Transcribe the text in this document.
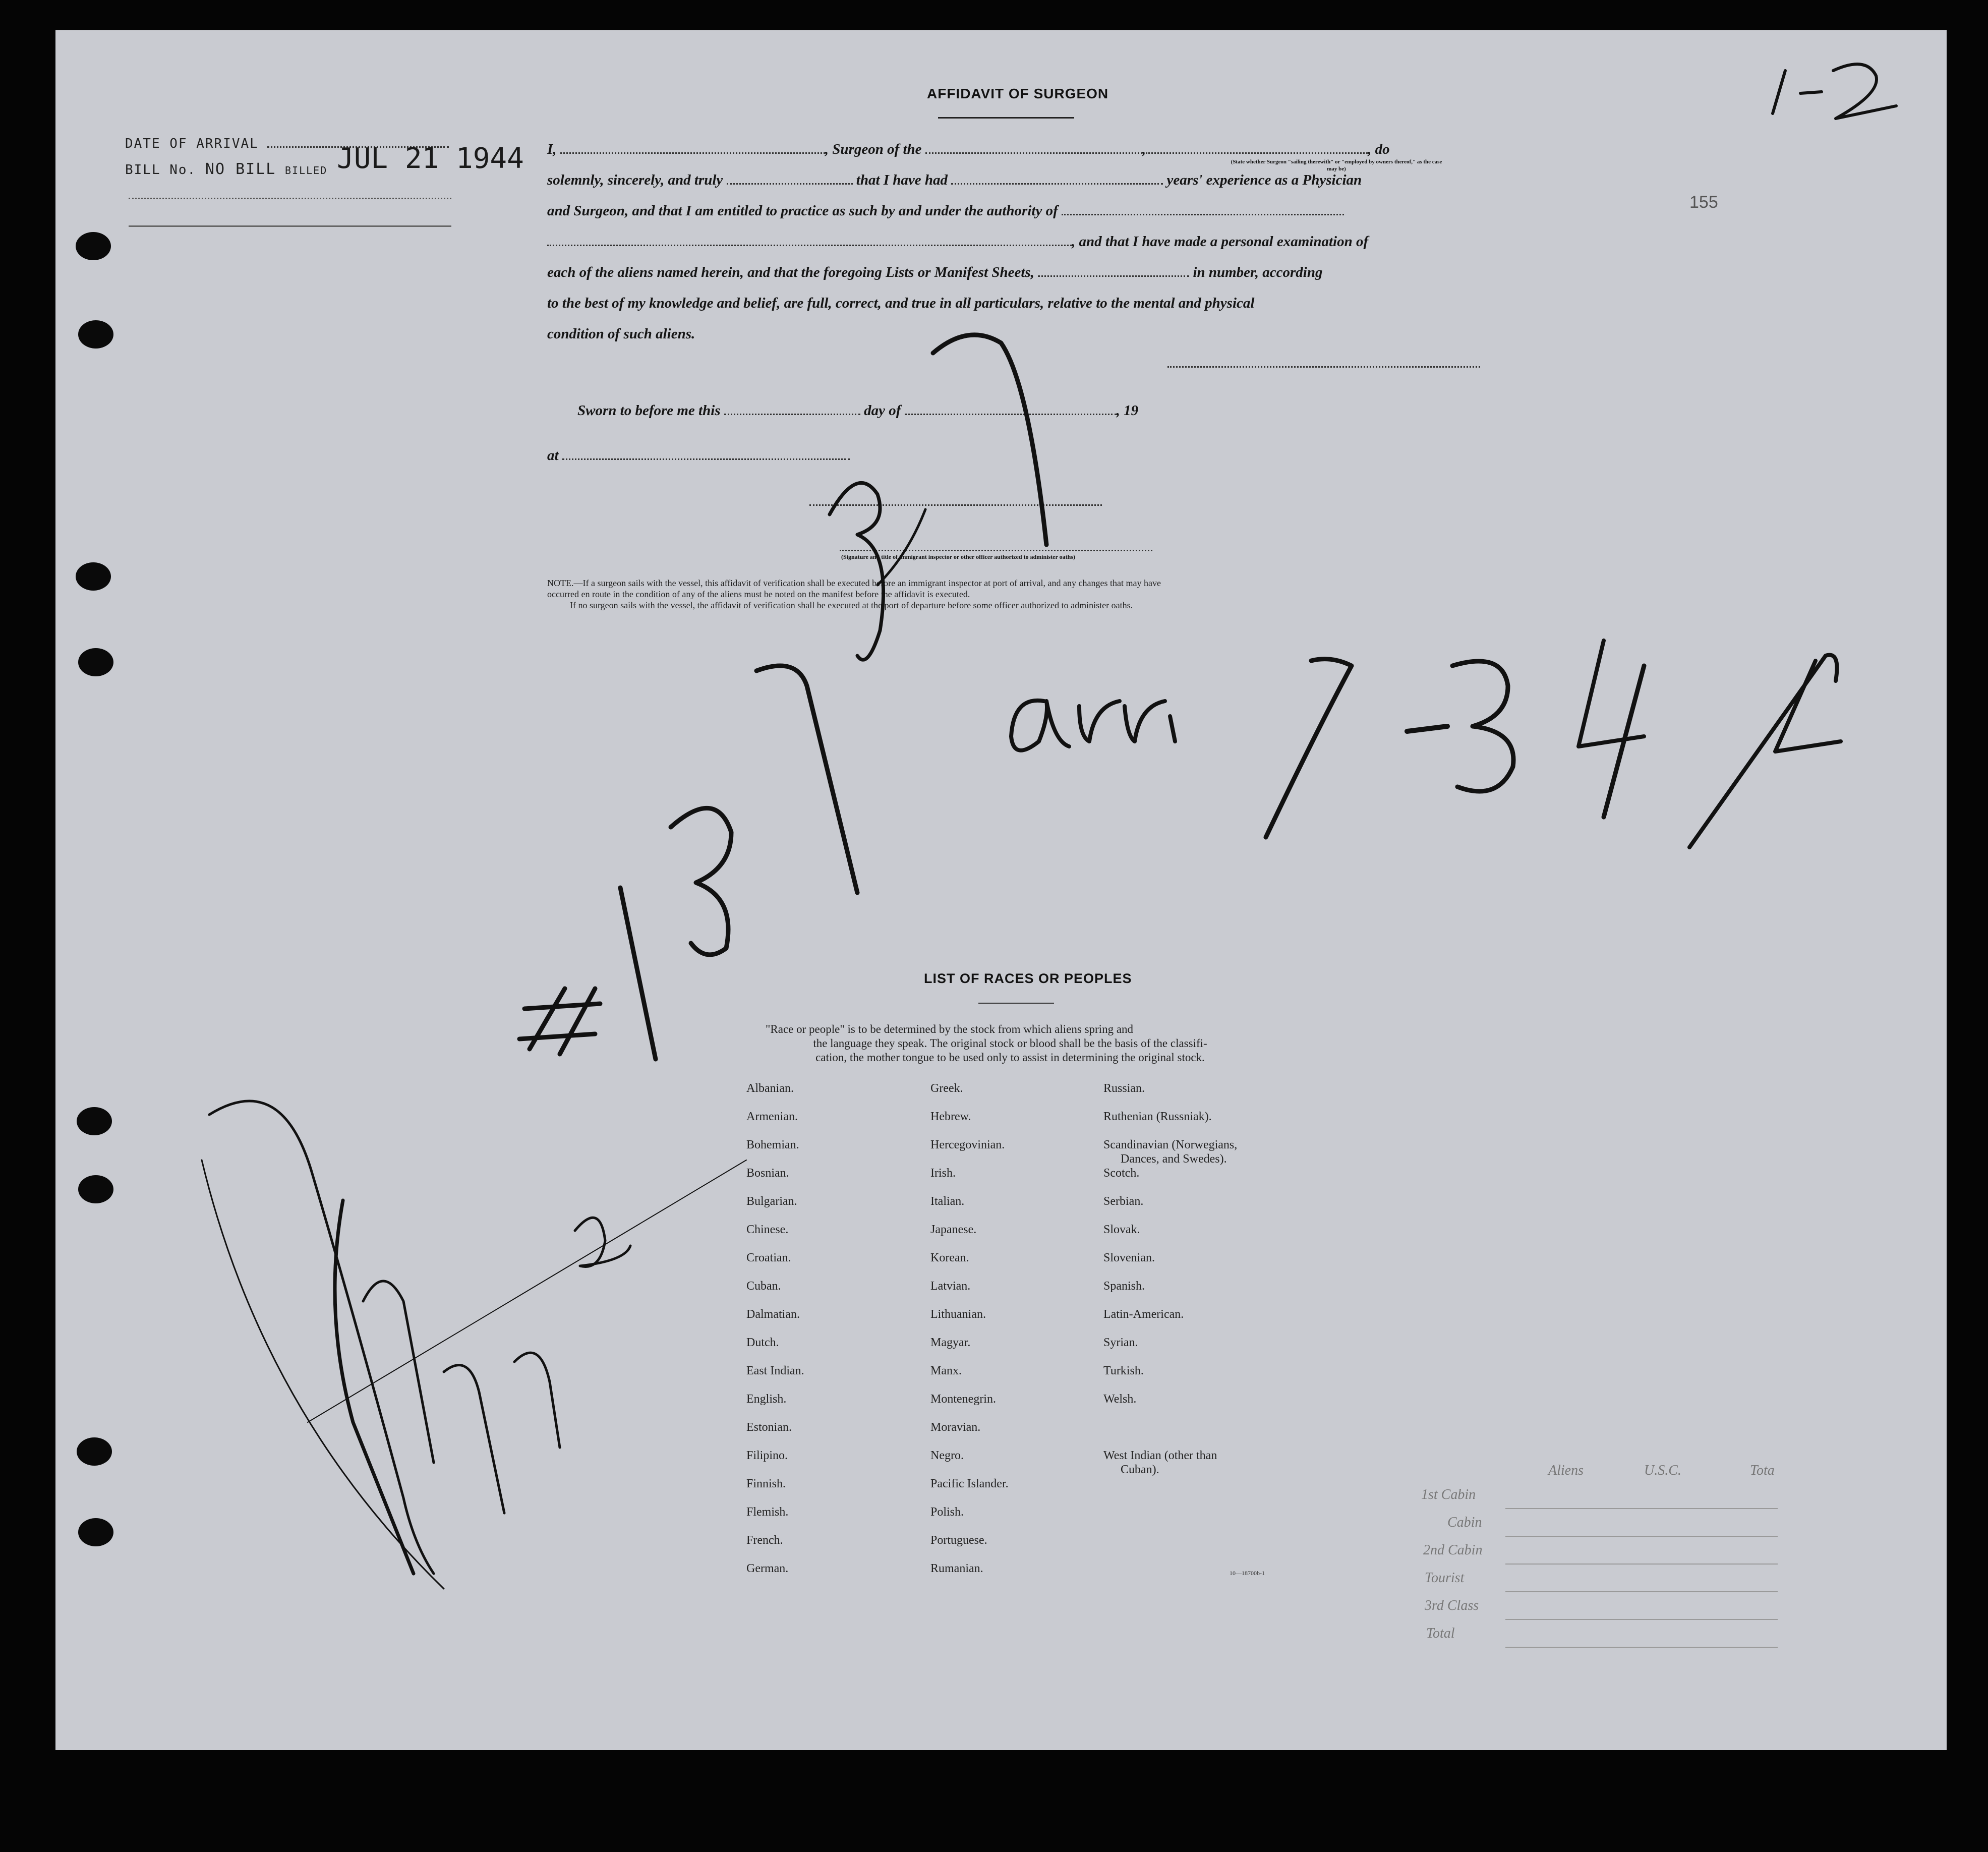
DATE OF ARRIVAL
BILL No. NO BILL BILLED JUL 21 1944
AFFIDAVIT OF SURGEON
I,	, Surgeon of the	,	, do
(State whether Surgeon "sailing therewith" or "employed by owners thereof," as the case may be)
solemnly, sincerely, and truly	that I have had	years' experience as a Physician
and Surgeon, and that I am entitled to practice as such by and under the authority of
, and that I have made a personal examination of
each of the aliens named herein, and that the foregoing Lists or Manifest Sheets,	in number, according
to the best of my knowledge and belief, are full, correct, and true in all particulars, relative to the mental and physical
condition of such aliens.
Sworn to before me this	day of	, 19
at
(Signature and title of immigrant inspector or other officer authorized to administer oaths)
NOTE.—If a surgeon sails with the vessel, this affidavit of verification shall be executed before an immigrant inspector at port of arrival, and any changes that may have
occurred en route in the condition of any of the aliens must be noted on the manifest before the affidavit is executed.
If no surgeon sails with the vessel, the affidavit of verification shall be executed at the port of departure before some officer authorized to administer oaths.
LIST OF RACES OR PEOPLES
"Race or people" is to be determined by the stock from which aliens spring and
the language they speak. The original stock or blood shall be the basis of the classifi-
cation, the mother tongue to be used only to assist in determining the original stock.
Albanian.
Armenian.
Bohemian.
Bosnian.
Bulgarian.
Chinese.
Croatian.
Cuban.
Dalmatian.
Dutch.
East Indian.
English.
Estonian.
Filipino.
Finnish.
Flemish.
French.
German.
Greek.
Hebrew.
Hercegovinian.
Irish.
Italian.
Japanese.
Korean.
Latvian.
Lithuanian.
Magyar.
Manx.
Montenegrin.
Moravian.
Negro.
Pacific Islander.
Polish.
Portuguese.
Rumanian.
Russian.
Ruthenian (Russniak).
Scandinavian (Norwegians,
Dances, and Swedes).
Scotch.
Serbian.
Slovak.
Slovenian.
Spanish.
Latin-American.
Syrian.
Turkish.
Welsh.
West Indian (other than
Cuban).
10—18700b-1
Aliens	U.S.C.	Tota
1st Cabin
Cabin
2nd Cabin
Tourist
3rd Class
Total
155
